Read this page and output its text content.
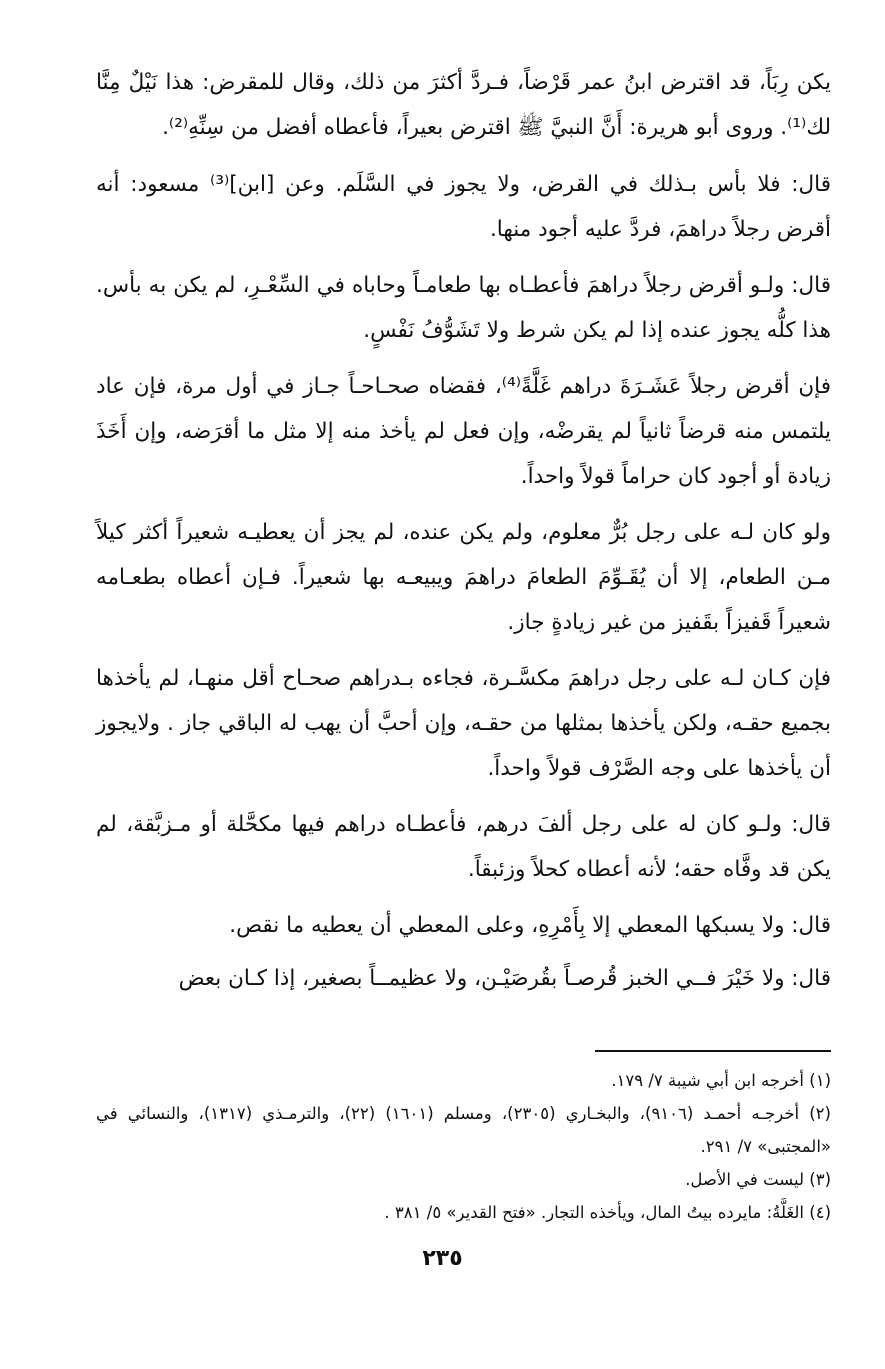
يكن رِبَاً، قد اقترض ابنُ عمر قَرْضاً، فـردَّ أكثرَ من ذلك، وقال للمقرض: هذا نَيْلٌ مِنَّا لك⁽¹⁾. وروى أبو هريرة: أَنَّ النبيَّ ﷺ اقترض بعيراً، فأعطاه أفضل من سِنِّهِ⁽²⁾.

قال: فلا بأس بـذلك في القرض، ولا يجوز في السَّلَم. وعن [ابن]⁽³⁾ مسعود: أنه أقرض رجلاً دراهمَ، فردَّ عليه أجود منها.

قال: ولـو أقرض رجلاً دراهمَ فأعطـاه بها طعامـاً وحاباه في السِّعْـرِ، لم يكن به بأس. هذا كلُّه يجوز عنده إذا لم يكن شرط ولا تَشَوُّفُ نَفْسٍ.

فإن أقرض رجلاً عَشَـرَةَ دراهم غَلَّةً⁽⁴⁾، فقضاه صحـاحـاً جـاز في أول مرة، فإن عاد يلتمس منه قرضاً ثانياً لم يقرضْه، وإن فعل لم يأخذ منه إلا مثل ما أقرَضه، وإن أَخَذَ زيادة أو أجود كان حراماً قولاً واحداً.

ولو كان لـه على رجل بُرٌّ معلوم، ولم يكن عنده، لم يجز أن يعطيـه شعيراً أكثر كيلاً مـن الطعام، إلا أن يُقَـوِّمَ الطعامَ دراهمَ ويبيعـه بها شعيراً. فـإن أعطاه بطعـامه شعيراً قَفيزاً بقَفيز من غير زيادةٍ جاز.

فإن كـان لـه على رجل دراهمَ مكسَّـرة، فجاءه بـدراهم صحـاح أقل منهـا، لم يأخذها بجميع حقـه، ولكن يأخذها بمثلها من حقـه، وإن أحبَّ أن يهب له الباقي جاز . ولايجوز أن يأخذها على وجه الصَّرْف قولاً واحداً.

قال: ولـو كان له على رجل ألفَ درهم، فأعطـاه دراهم فيها مكحَّلة أو مـزبَّقة، لم يكن قد وفَّاه حقه؛ لأنه أعطاه كحلاً وزئبقاً.

قال: ولا يسبكها المعطي إلا بِأَمْرِهِ، وعلى المعطي أن يعطيه ما نقص.

قال: ولا خَيْرَ فــي الخبز قُرصـاً بقُرصَيْـن، ولا عظيمــاً بصغير، إذا كـان بعض

(١) أخرجه ابن أبي شيبة ٧/ ١٧٩.

(٢) أخرجـه أحمـد (٩١٠٦)، والبخـاري (٢٣٠٥)، ومسلم (١٦٠١) (٢٢)، والترمـذي (١٣١٧)، والنسائي في «المجتبى» ٧/ ٢٩١.

(٣) ليست في الأصل.

(٤) الغَلَّةُ: مايرده بيتُ المال، ويأخذه التجار. «فتح القدير» ٥/ ٣٨١ .

٢٣٥
